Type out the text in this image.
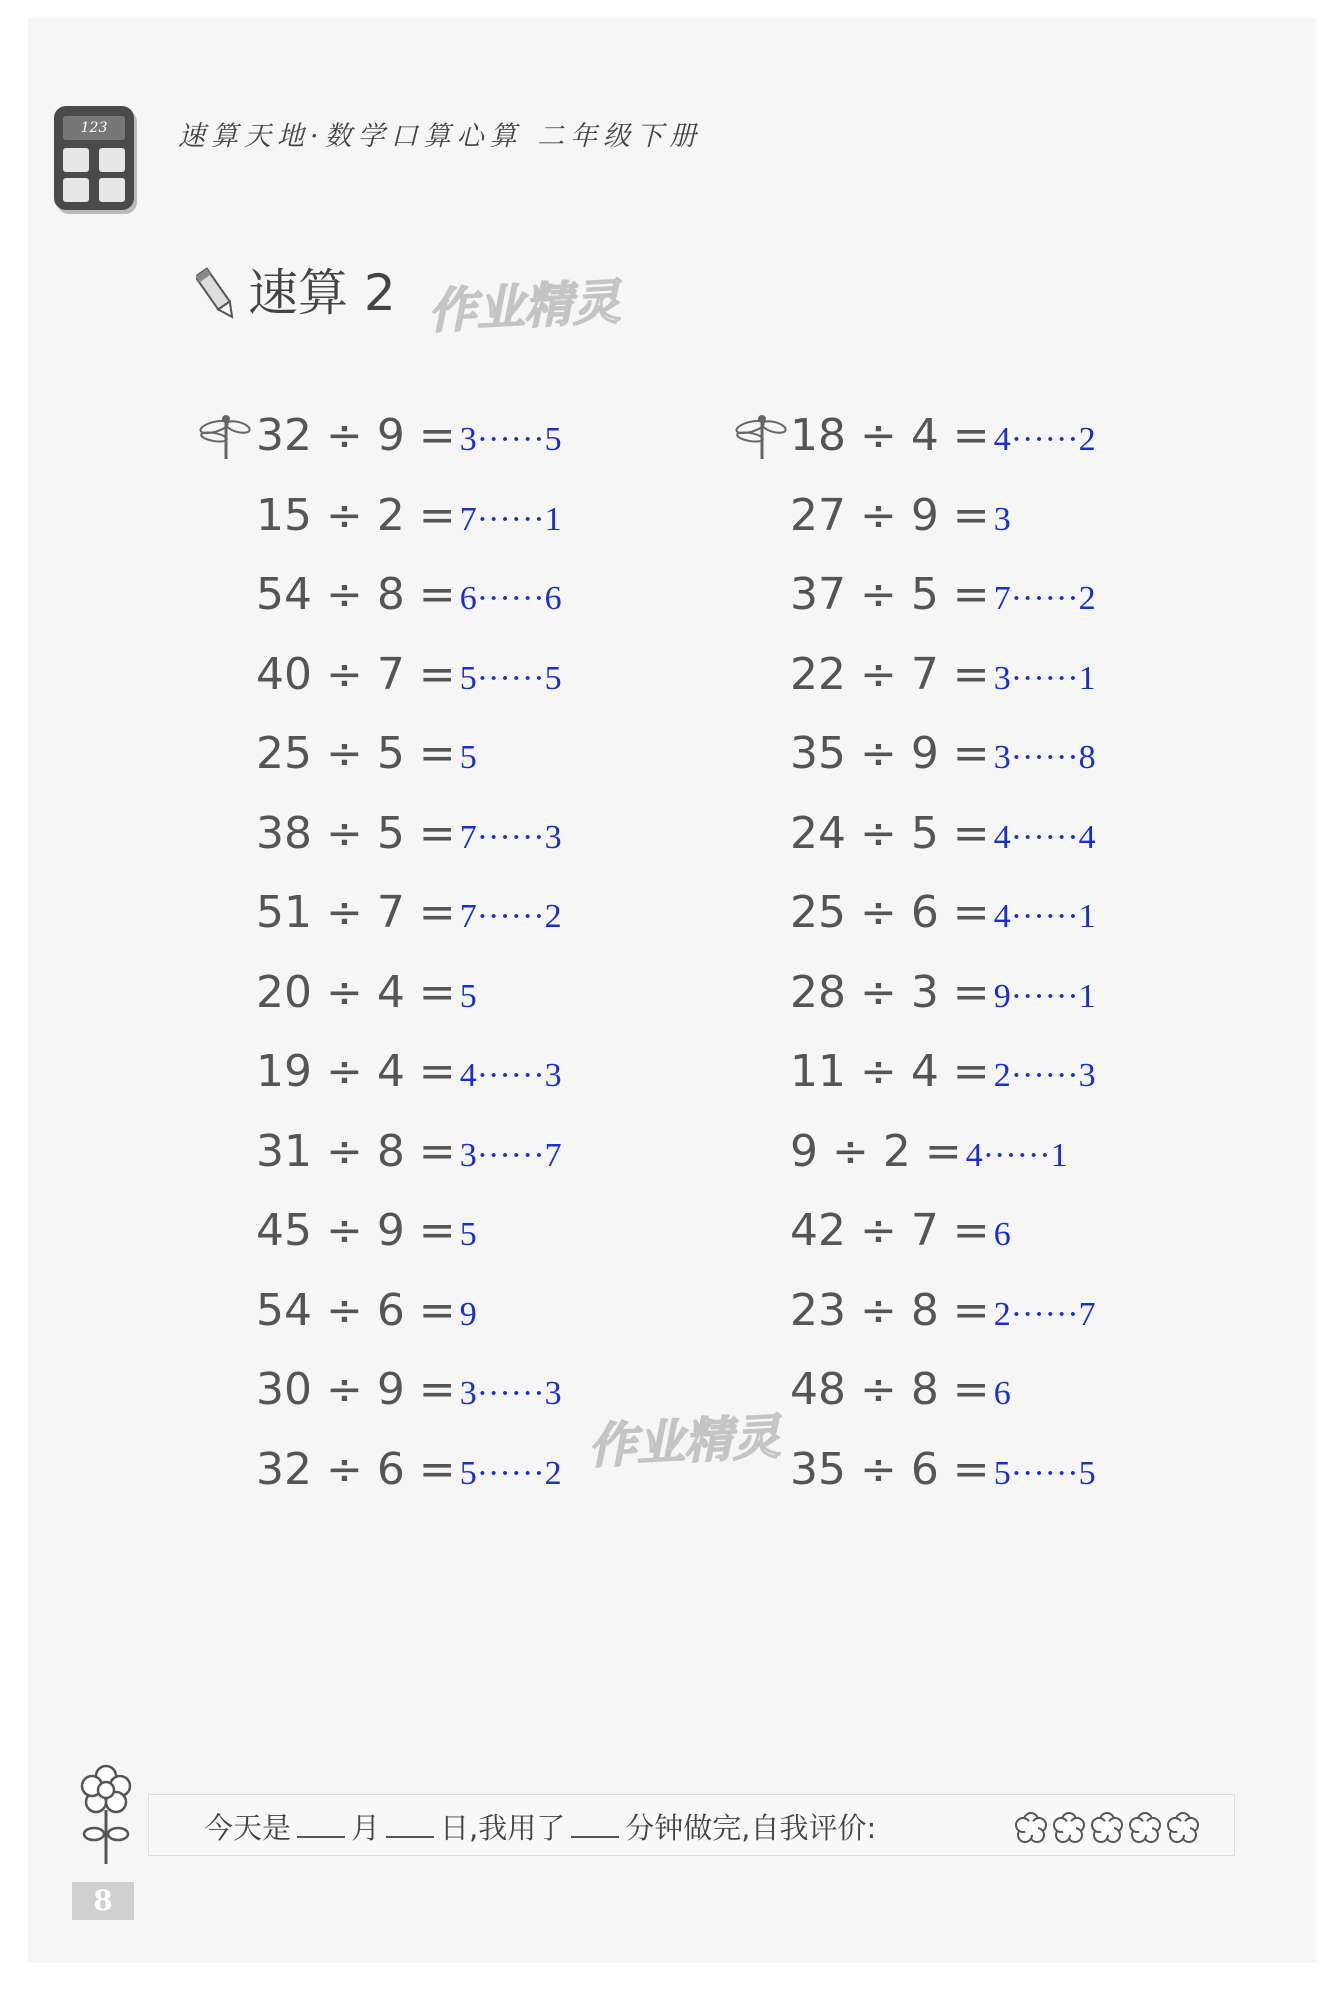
123	速算天地·数学口算心算 二年级下册
速算 2 作业精灵
作业精灵
32 ÷ 9 = 3······5
15 ÷ 2 = 7······1
54 ÷ 8 = 6······6
40 ÷ 7 = 5······5
25 ÷ 5 = 5
38 ÷ 5 = 7······3
51 ÷ 7 = 7······2
20 ÷ 4 = 5
19 ÷ 4 = 4······3
31 ÷ 8 = 3······7
45 ÷ 9 = 5
54 ÷ 6 = 9
30 ÷ 9 = 3······3
32 ÷ 6 = 5······2
18 ÷ 4 = 4······2
27 ÷ 9 = 3
37 ÷ 5 = 7······2
22 ÷ 7 = 3······1
35 ÷ 9 = 3······8
24 ÷ 5 = 4······4
25 ÷ 6 = 4······1
28 ÷ 3 = 9······1
11 ÷ 4 = 2······3
9 ÷ 2 = 4······1
42 ÷ 7 = 6
23 ÷ 8 = 2······7
48 ÷ 8 = 6
35 ÷ 6 = 5······5
今天是 月 日,我用了 分钟做完,自我评价:
8
